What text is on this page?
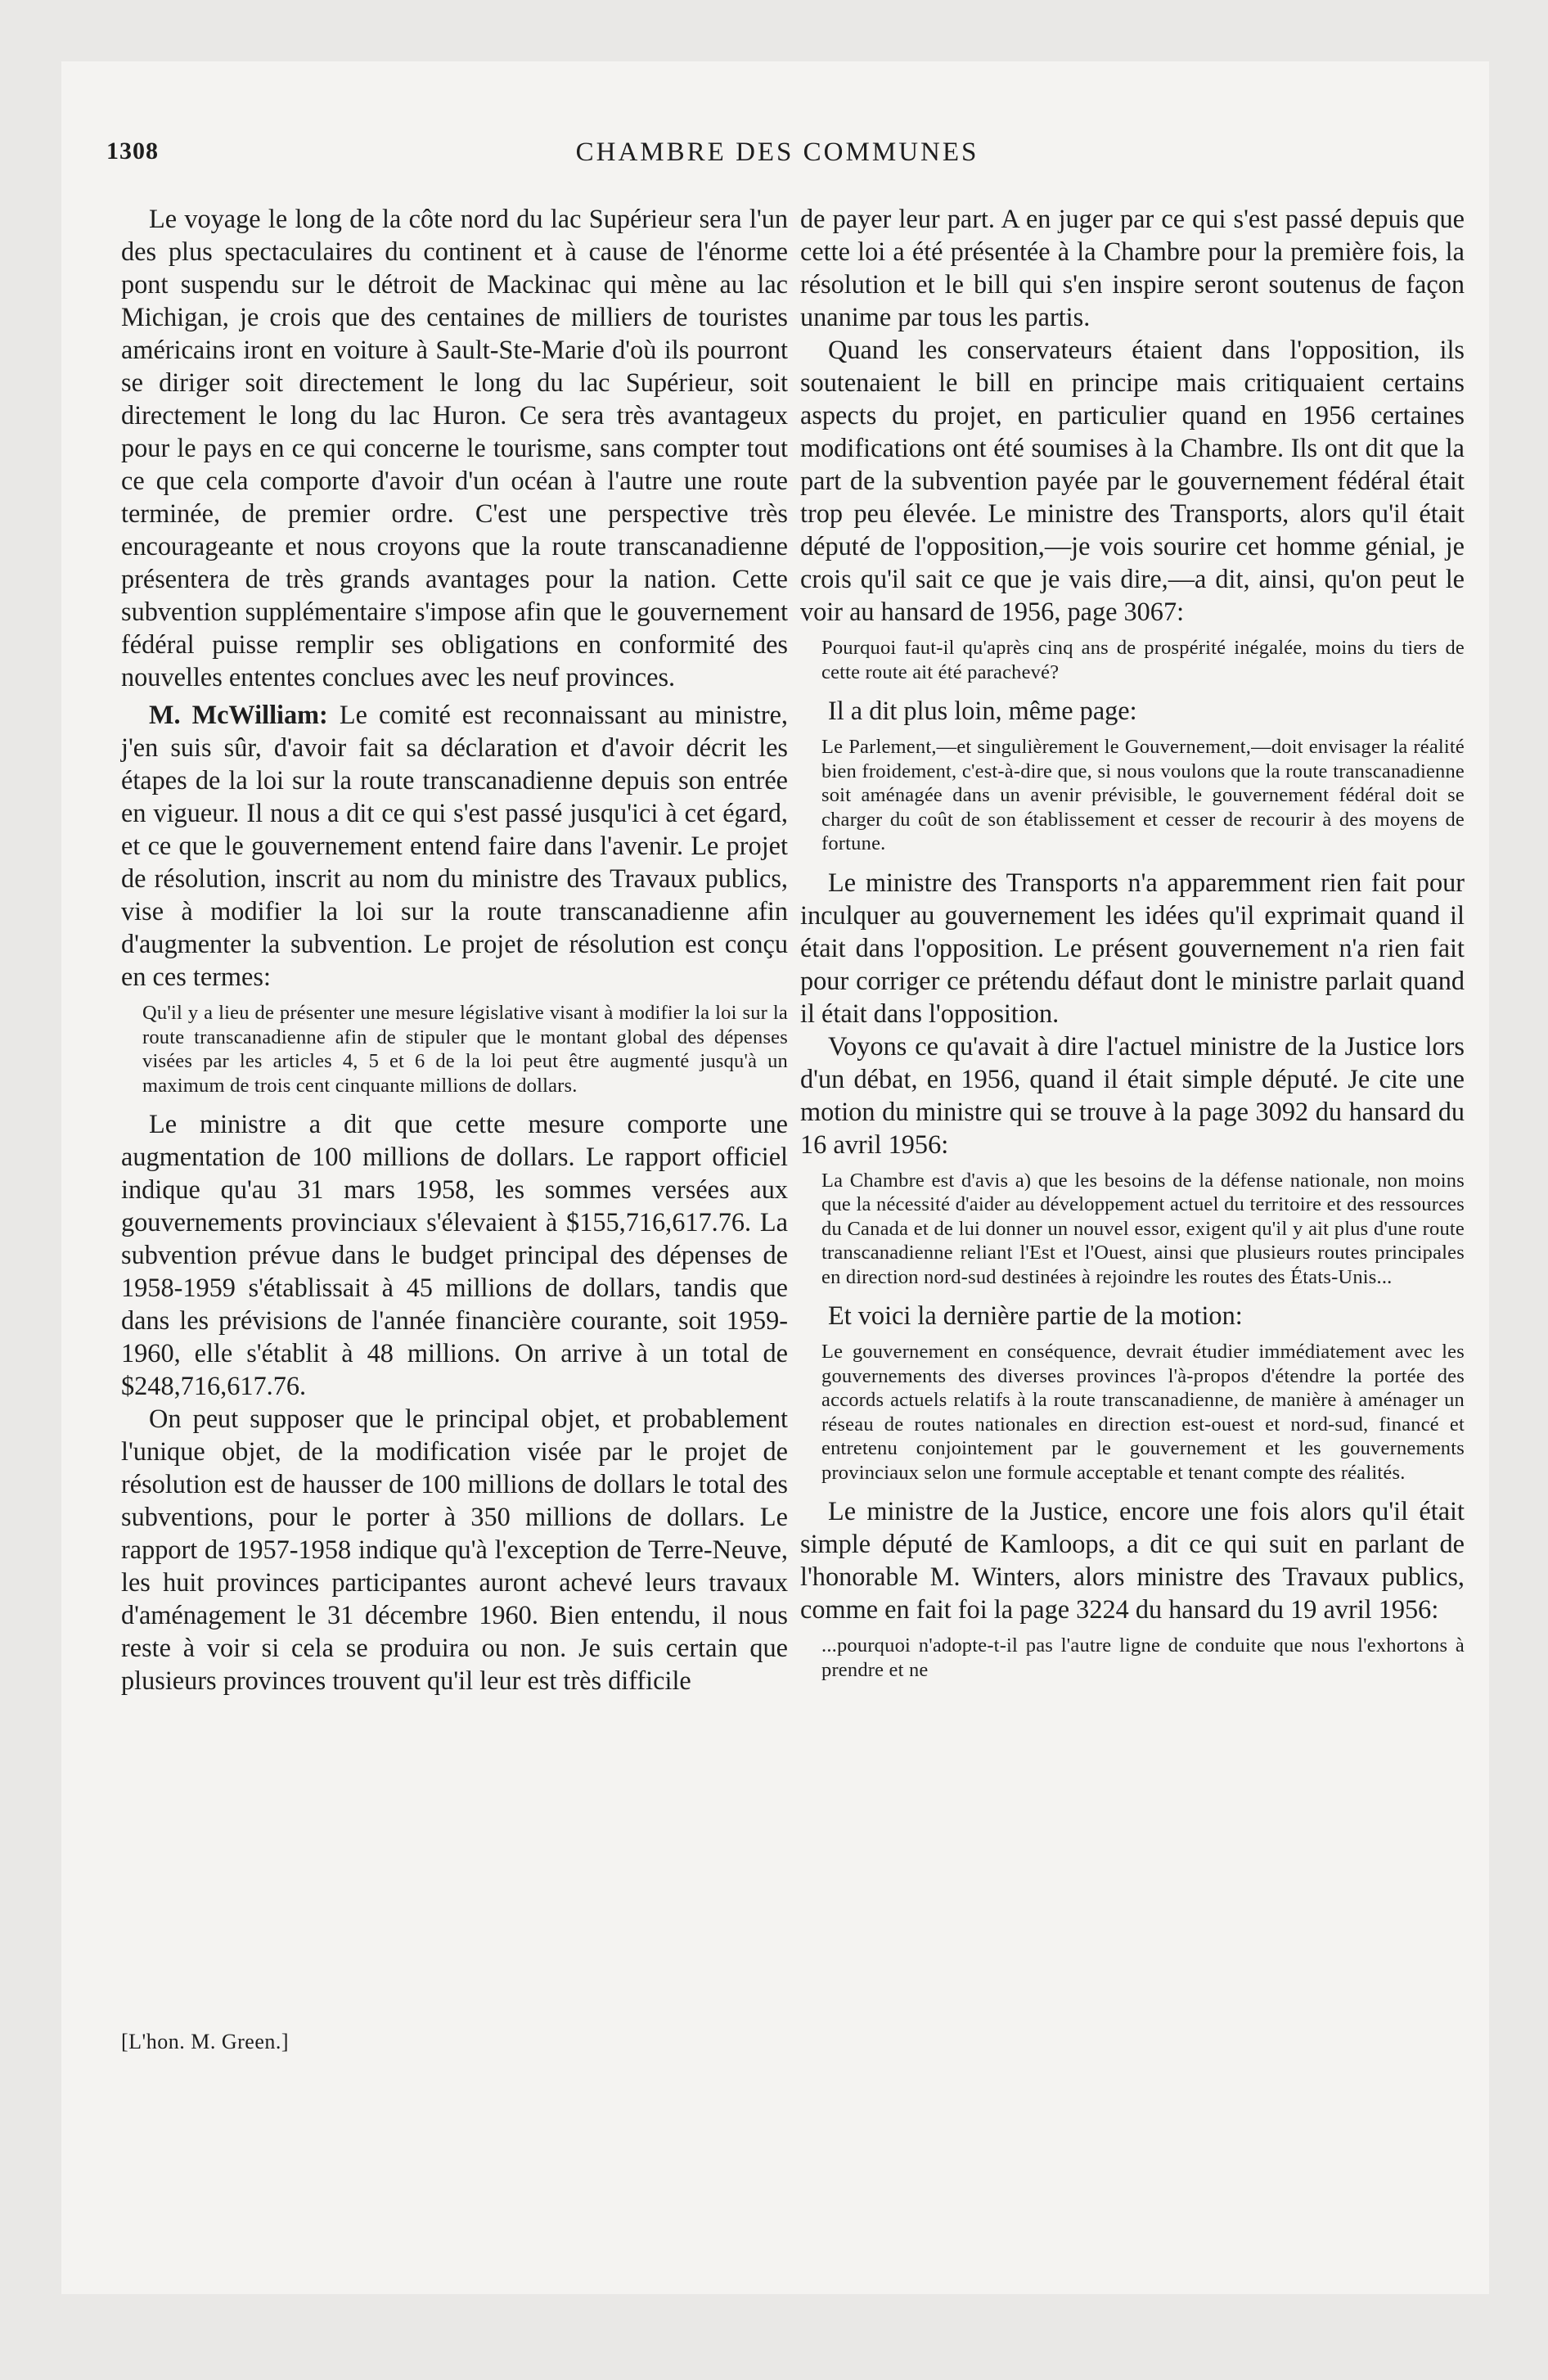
1308	CHAMBRE DES COMMUNES

Le voyage le long de la côte nord du lac Supérieur sera l'un des plus spectaculaires du continent et à cause de l'énorme pont suspendu sur le détroit de Mackinac qui mène au lac Michigan, je crois que des centaines de milliers de touristes américains iront en voiture à Sault-Ste-Marie d'où ils pourront se diriger soit directement le long du lac Supérieur, soit directement le long du lac Huron. Ce sera très avantageux pour le pays en ce qui concerne le tourisme, sans compter tout ce que cela comporte d'avoir d'un océan à l'autre une route terminée, de premier ordre. C'est une perspective très encourageante et nous croyons que la route transcanadienne présentera de très grands avantages pour la nation. Cette subvention supplémentaire s'impose afin que le gouvernement fédéral puisse remplir ses obligations en conformité des nouvelles ententes conclues avec les neuf provinces.

M. McWilliam: Le comité est reconnaissant au ministre, j'en suis sûr, d'avoir fait sa déclaration et d'avoir décrit les étapes de la loi sur la route transcanadienne depuis son entrée en vigueur. Il nous a dit ce qui s'est passé jusqu'ici à cet égard, et ce que le gouvernement entend faire dans l'avenir. Le projet de résolution, inscrit au nom du ministre des Travaux publics, vise à modifier la loi sur la route transcanadienne afin d'augmenter la subvention. Le projet de résolution est conçu en ces termes:

Qu'il y a lieu de présenter une mesure législative visant à modifier la loi sur la route transcanadienne afin de stipuler que le montant global des dépenses visées par les articles 4, 5 et 6 de la loi peut être augmenté jusqu'à un maximum de trois cent cinquante millions de dollars.

Le ministre a dit que cette mesure comporte une augmentation de 100 millions de dollars. Le rapport officiel indique qu'au 31 mars 1958, les sommes versées aux gouvernements provinciaux s'élevaient à $155,716,617.76. La subvention prévue dans le budget principal des dépenses de 1958-1959 s'établissait à 45 millions de dollars, tandis que dans les prévisions de l'année financière courante, soit 1959-1960, elle s'établit à 48 millions. On arrive à un total de $248,716,617.76.

On peut supposer que le principal objet, et probablement l'unique objet, de la modification visée par le projet de résolution est de hausser de 100 millions de dollars le total des subventions, pour le porter à 350 millions de dollars. Le rapport de 1957-1958 indique qu'à l'exception de Terre-Neuve, les huit provinces participantes auront achevé leurs travaux d'aménagement le 31 décembre 1960. Bien entendu, il nous reste à voir si cela se produira ou non. Je suis certain que plusieurs provinces trouvent qu'il leur est très difficile

[L'hon. M. Green.]

de payer leur part. A en juger par ce qui s'est passé depuis que cette loi a été présentée à la Chambre pour la première fois, la résolution et le bill qui s'en inspire seront soutenus de façon unanime par tous les partis.

Quand les conservateurs étaient dans l'opposition, ils soutenaient le bill en principe mais critiquaient certains aspects du projet, en particulier quand en 1956 certaines modifications ont été soumises à la Chambre. Ils ont dit que la part de la subvention payée par le gouvernement fédéral était trop peu élevée. Le ministre des Transports, alors qu'il était député de l'opposition,—je vois sourire cet homme génial, je crois qu'il sait ce que je vais dire,—a dit, ainsi, qu'on peut le voir au hansard de 1956, page 3067:

Pourquoi faut-il qu'après cinq ans de prospérité inégalée, moins du tiers de cette route ait été parachevé?

Il a dit plus loin, même page:

Le Parlement,—et singulièrement le Gouvernement,—doit envisager la réalité bien froidement, c'est-à-dire que, si nous voulons que la route transcanadienne soit aménagée dans un avenir prévisible, le gouvernement fédéral doit se charger du coût de son établissement et cesser de recourir à des moyens de fortune.

Le ministre des Transports n'a apparemment rien fait pour inculquer au gouvernement les idées qu'il exprimait quand il était dans l'opposition. Le présent gouvernement n'a rien fait pour corriger ce prétendu défaut dont le ministre parlait quand il était dans l'opposition.

Voyons ce qu'avait à dire l'actuel ministre de la Justice lors d'un débat, en 1956, quand il était simple député. Je cite une motion du ministre qui se trouve à la page 3092 du hansard du 16 avril 1956:

La Chambre est d'avis a) que les besoins de la défense nationale, non moins que la nécessité d'aider au développement actuel du territoire et des ressources du Canada et de lui donner un nouvel essor, exigent qu'il y ait plus d'une route transcanadienne reliant l'Est et l'Ouest, ainsi que plusieurs routes principales en direction nord-sud destinées à rejoindre les routes des États-Unis...

Et voici la dernière partie de la motion:

Le gouvernement en conséquence, devrait étudier immédiatement avec les gouvernements des diverses provinces l'à-propos d'étendre la portée des accords actuels relatifs à la route transcanadienne, de manière à aménager un réseau de routes nationales en direction est-ouest et nord-sud, financé et entretenu conjointement par le gouvernement et les gouvernements provinciaux selon une formule acceptable et tenant compte des réalités.

Le ministre de la Justice, encore une fois alors qu'il était simple député de Kamloops, a dit ce qui suit en parlant de l'honorable M. Winters, alors ministre des Travaux publics, comme en fait foi la page 3224 du hansard du 19 avril 1956:

...pourquoi n'adopte-t-il pas l'autre ligne de conduite que nous l'exhortons à prendre et ne
